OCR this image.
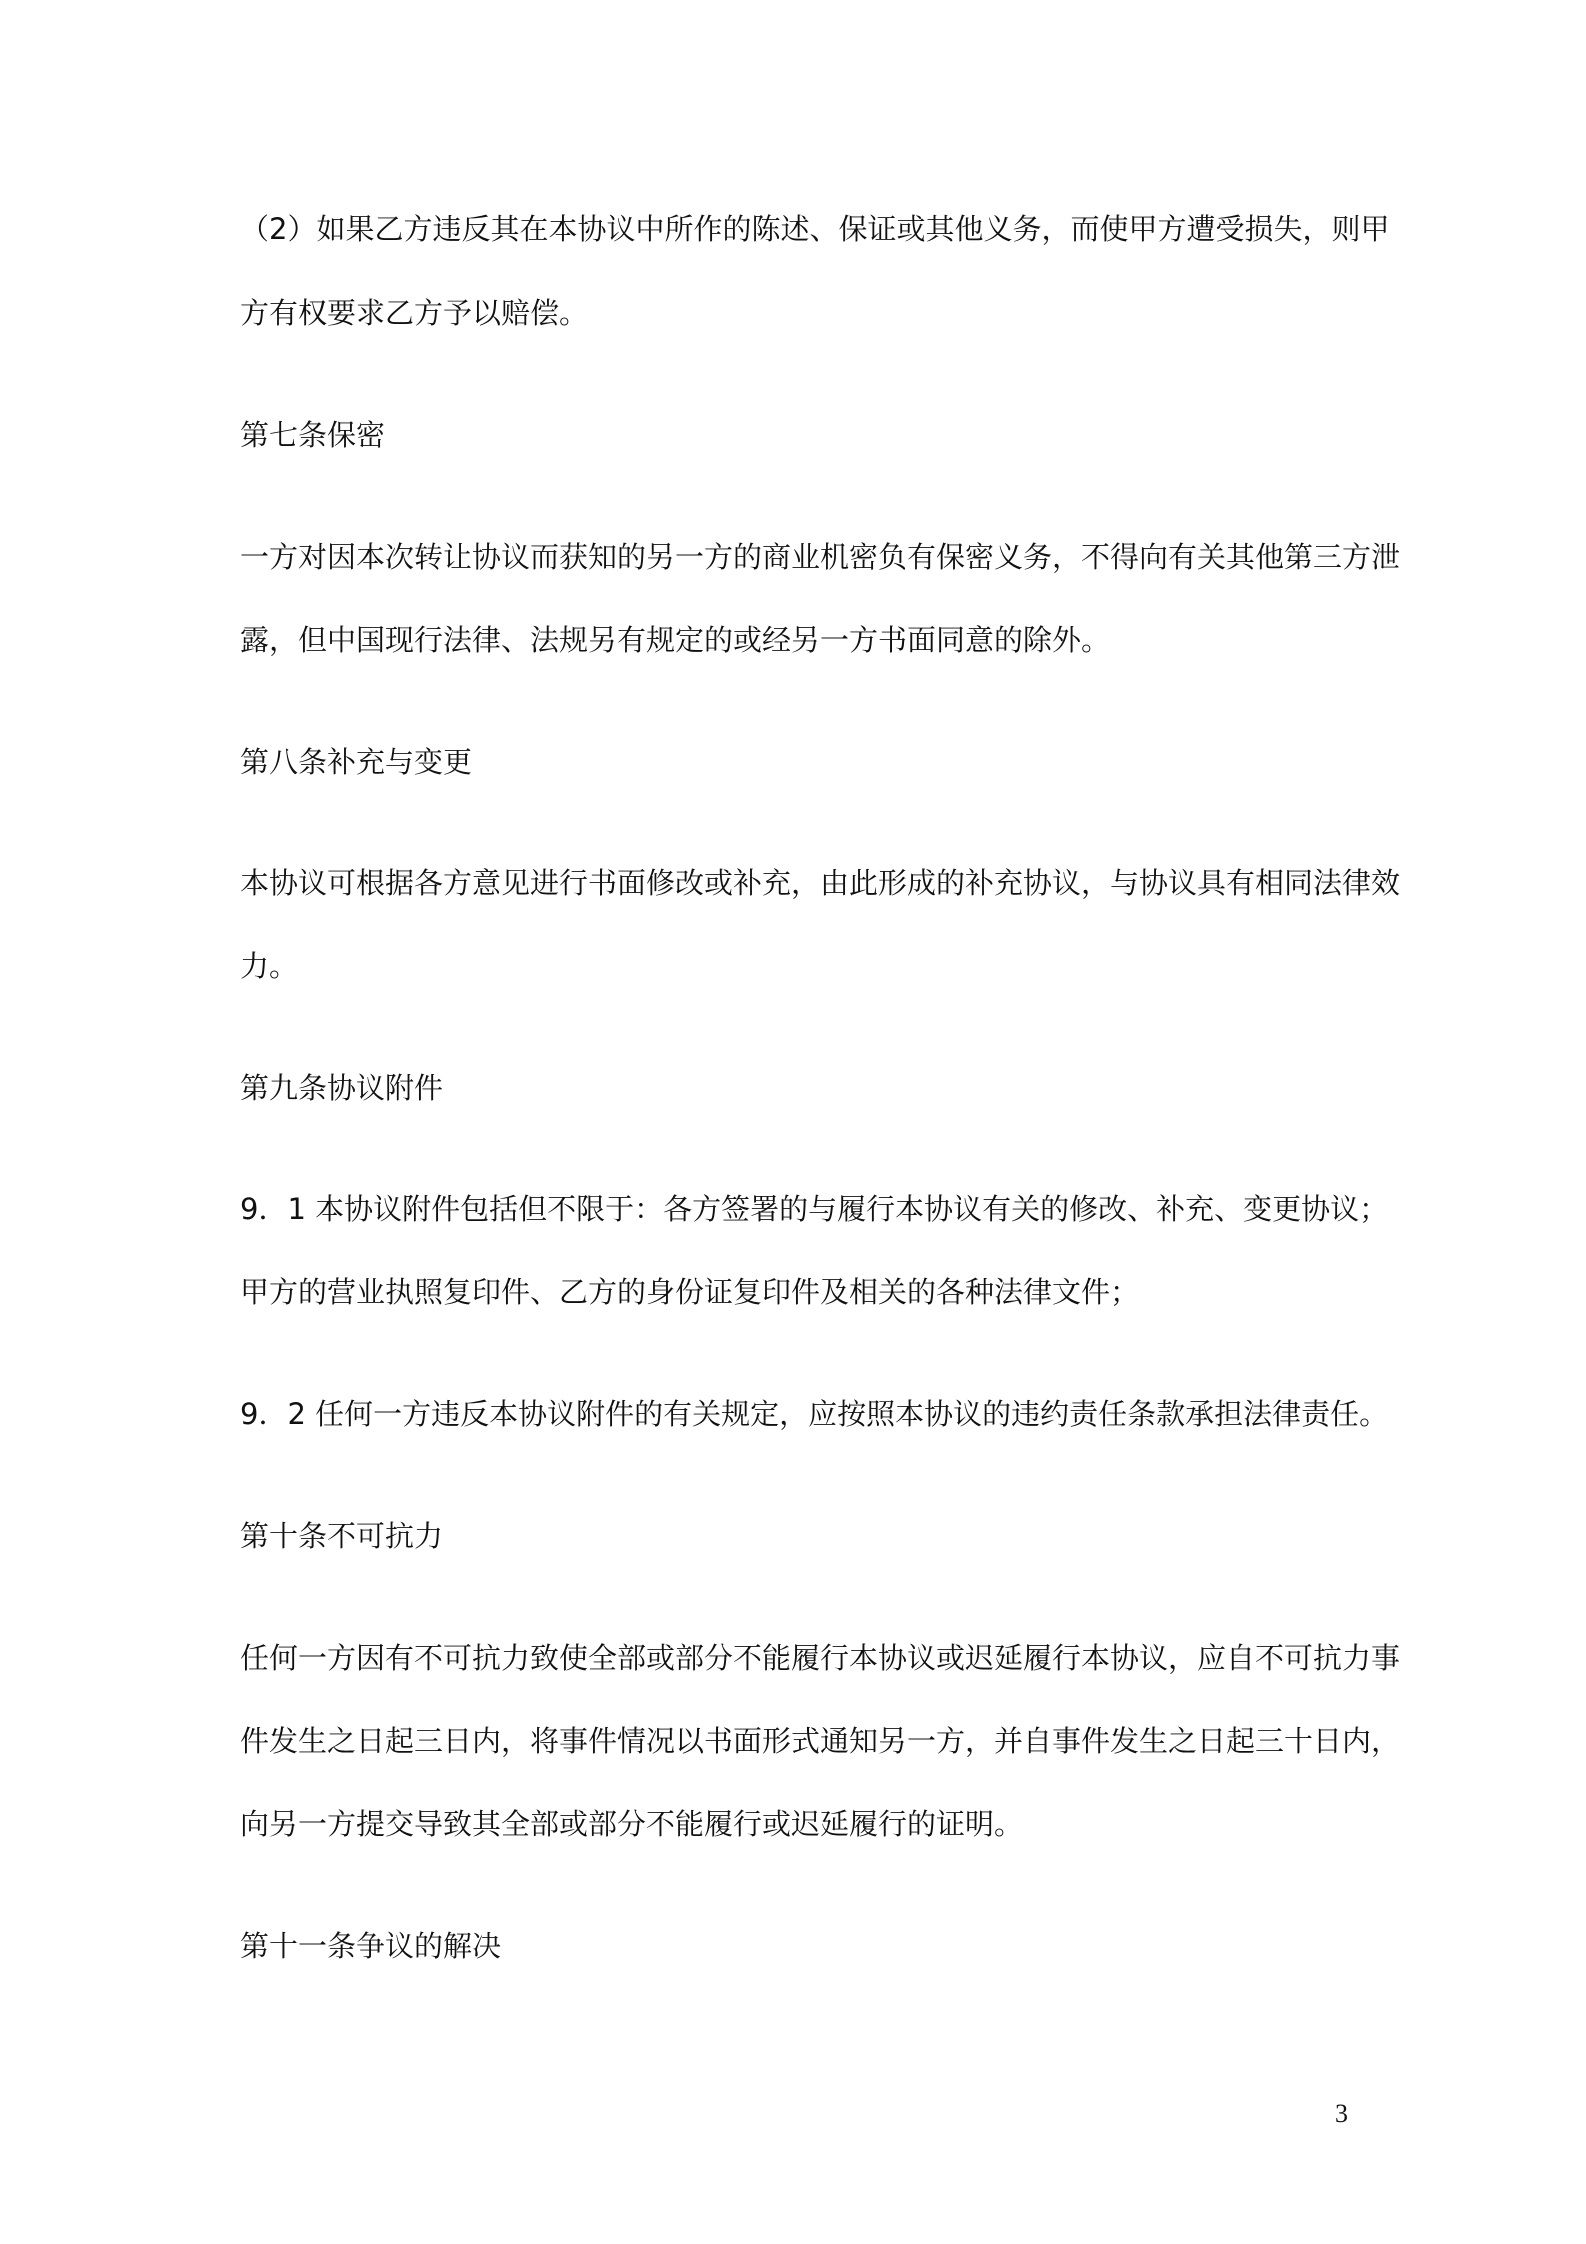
（2）如果乙方违反其在本协议中所作的陈述、保证或其他义务，而使甲方遭受损失，则甲
方有权要求乙方予以赔偿。
第七条保密
一方对因本次转让协议而获知的另一方的商业机密负有保密义务，不得向有关其他第三方泄
露，但中国现行法律、法规另有规定的或经另一方书面同意的除外。
第八条补充与变更
本协议可根据各方意见进行书面修改或补充，由此形成的补充协议，与协议具有相同法律效
力。
第九条协议附件
9．1 本协议附件包括但不限于：各方签署的与履行本协议有关的修改、补充、变更协议；
甲方的营业执照复印件、乙方的身份证复印件及相关的各种法律文件；
9．2 任何一方违反本协议附件的有关规定，应按照本协议的违约责任条款承担法律责任。
第十条不可抗力
任何一方因有不可抗力致使全部或部分不能履行本协议或迟延履行本协议，应自不可抗力事
件发生之日起三日内，将事件情况以书面形式通知另一方，并自事件发生之日起三十日内，
向另一方提交导致其全部或部分不能履行或迟延履行的证明。
第十一条争议的解决
3
